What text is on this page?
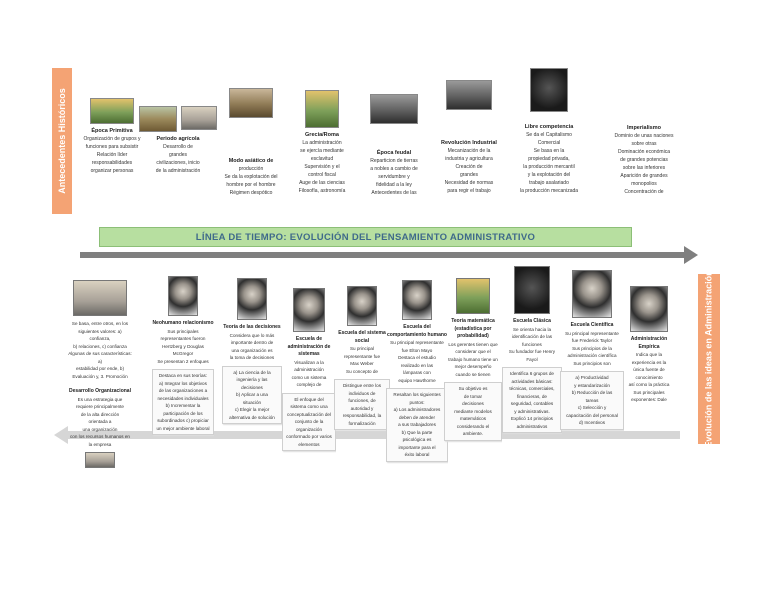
Antecedentes Históricos
Evolución de las ideas en Administración
Época Primitiva
Organización de grupos y
funciones para subsistir
Relación líder
responsabilidades
organizar personas
Periodo agrícola
Desarrollo de
grandes
civilizaciones, inicio
de la administración
Modo asiático de
producción
Se da la explotación del
hombre por el hombre
Régimen despótico
Grecia/Roma
La administración
se ejercía mediante
esclavitud
Supervisión y el
control fiscal
Auge de las ciencias
Filosofía, astronomía
Época feudal
Reparticion de tierras
a nobles a cambio de
servidumbre y
fidelidad a la ley
Antecedentes de las
Revolución Industrial
Mecanización de la
industria y agricultura
Creación de
grandes
Necesidad de normas
para regir el trabajo
Libre competencia
Se da el Capitalismo
Comercial
Se basa en la
propiedad privada,
la producción mercantil
y la explotación del
trabajo asalariado
la producción mecanizada
Imperialismo
Dominio de unas naciones
sobre otras
Dominación económica
de grandes potencias
sobre las inferiores
Aparición de grandes
monopolios
Concentración de
LÍNEA DE TIEMPO: EVOLUCIÓN DEL PENSAMIENTO ADMINISTRATIVO
Se basa, entre otros, en los
siguientes valores: a) confianza,
b) relaciones, c) confianza
Algunas de sus características: a)
estabilidad por ende, b)
Evaluación y, 3. Promoción
Desarrollo Organizacional
Es una estrategia que
requiere principalmente
de la alta dirección
orientada a
una organización
con los recursos humanos en
la empresa
Neohumano relacionismo
Sus principales
representantes fueron
Hertzberg y Douglas
McGregor
Se presentan 2 enfoques
Destaca en sus teorías:
a) Integrar los objetivos
de las organizaciones a
necesidades individuales
b) Incrementar la
participación de los
subordinados c) propiciar
un mejor ambiente laboral
Teoría de las decisiones
Considera que lo más
importante dentro de
una organización es
la toma de decisiones
a) La ciencia de la
ingeniería y las
decisiones
b) Aplicar a una
situación
c) Elegir la mejor
alternativa de solución
Escuela de administración de sistemas
Visualizan a la
administración
como un sistema
complejo de
El enfoque del
sistema como una
conceptualización del
conjunto de la
organización
conformado por varios
elementos
Escuela del sistema social
Su principal
representante fue
Max Weber
Su concepto de
Distingue entre los
individuos de
funciones, de
autoridad y
responsabilidad, la
formalización
Escuela del comportamiento humano
Su principal representante
fue Elton Mayo
Destaca el estudio
realizado en las
lámparas con
equipo Hawthorne
Resaltan los siguientes
puntos:
a) Los administradores
deben de atender
a sus trabajadores
b) Que la parte
psicológica es
importante para el
éxito laboral
Teoría matemática (estadística por probabilidad)
Los gerentes tienen que
considerar que el
trabajo humano tiene un
mejor desempeño
cuando se tienen
Su objetivo es
de tomar
decisiones
mediante modelos
matemáticos
considerando el
ambiente.
Escuela Clásica
Se orienta hacia la
identificación de las
funciones
Su fundador fue Henry
Fayol
Identifica 6 grupos de
actividades básicas:
técnicas, comerciales,
financieras, de
seguridad, contables
y administrativas.
Explicó 14 principios
administrativos
Escuela Científica
Su principal representante
fue Frederick Taylor
Sus principios de la
administración científica
Sus principios son
a) Productividad
y estandarización
b) Reducción de las
tareas
c) Selección y
capacitación del personal
d) Incentivos
Administración Empírica
Indica que la
experiencia es la
única fuente de
conocimiento
así como la práctica
Sus principales
exponentes: Dale
